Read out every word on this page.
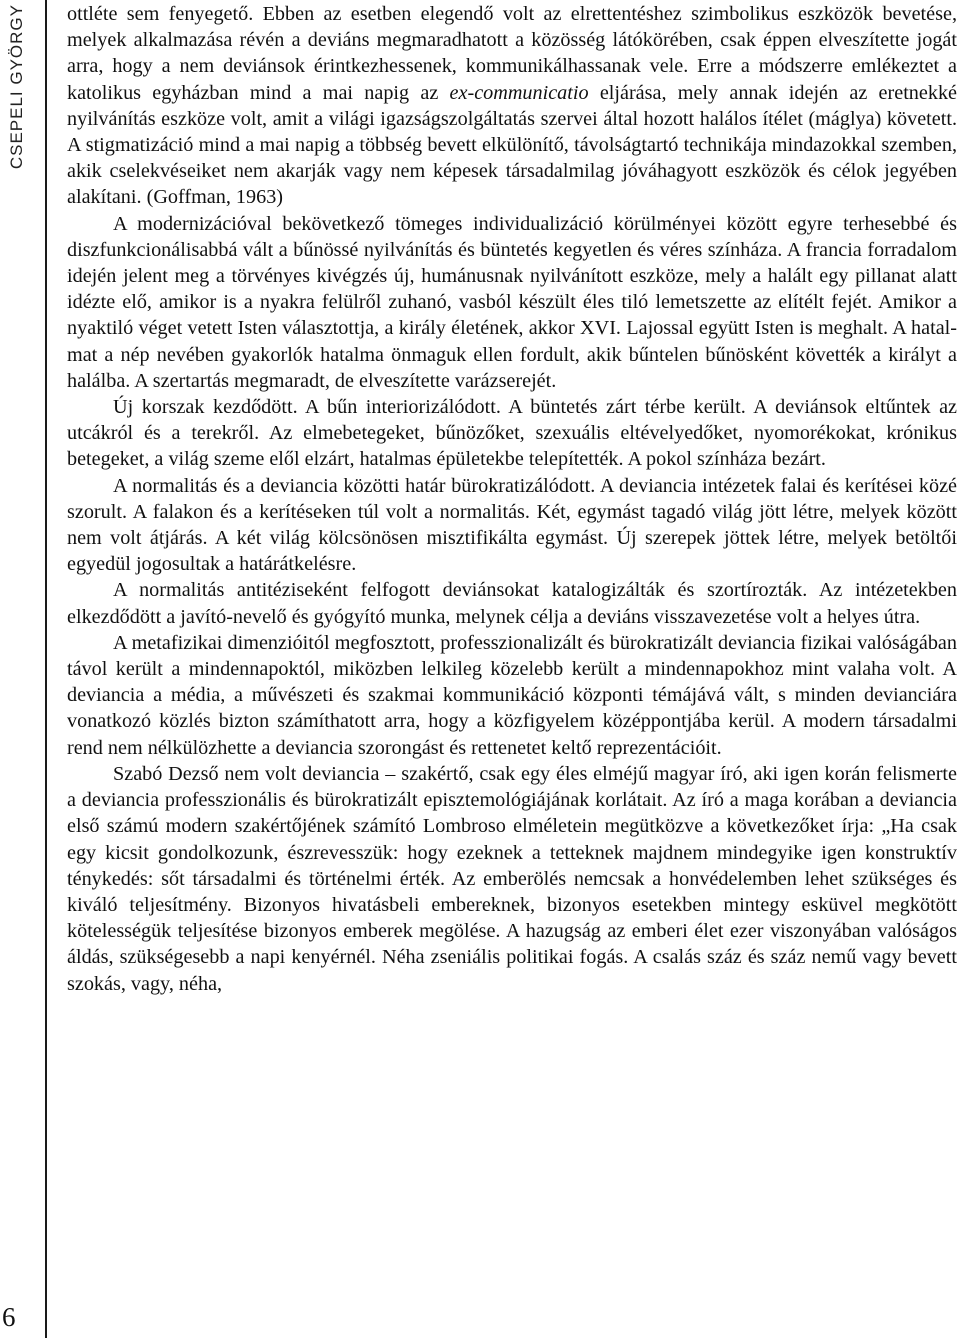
CSEPELI GYÖRGY
6

ottléte sem fenyegető. Ebben az esetben elegendő volt az elrettentéshez szimbolikus eszközök bevetése, melyek alkalmazása révén a deviáns megmaradhatott a közösség látókörében, csak éppen elveszítette jogát arra, hogy a nem deviánsok érintkezhessenek, kommunikálhassanak vele. Erre a módszerre emlékeztet a katolikus egyházban mind a mai napig az ex-communicatio eljárása, mely annak idején az eretnekké nyilvánítás eszköze volt, amit a világi igazságszolgáltatás szervei által hozott halálos ítélet (máglya) követett. A stigmatizáció mind a mai napig a többség bevett elkülönítő, távolságtartó technikája mindazokkal szemben, akik cselekvéseiket nem akarják vagy nem képesek társadalmilag jóváhagyott eszközök és célok jegyében alakítani. (Goffman, 1963)

A modernizációval bekövetkező tömeges individualizáció körülményei között egyre terhesebbé és diszfunkcionálisabbá vált a bűnössé nyilvánítás és büntetés kegyetlen és véres színháza. A francia forradalom idején jelent meg a törvényes kivégzés új, humánusnak nyilvánított eszköze, mely a halált egy pillanat alatt idézte elő, amikor is a nyakra felülről zuhanó, vasból készült éles tiló lemetszette az elítélt fejét. Amikor a nyaktiló véget vetett Isten választottja, a király életének, akkor XVI. Lajossal együtt Isten is meghalt. A hatalmat a nép nevében gyakorlók hatalma önmaguk ellen fordult, akik bűntelen bűnösként követték a királyt a halálba. A szertartás megmaradt, de elveszítette varázserejét.

Új korszak kezdődött. A bűn interiorizálódott. A büntetés zárt térbe került. A deviánsok eltűntek az utcákról és a terekről. Az elmebetegeket, bűnözőket, szexuális eltévelyedőket, nyomorékokat, krónikus betegeket, a világ szeme elől elzárt, hatalmas épületekbe telepítették. A pokol színháza bezárt.

A normalitás és a deviancia közötti határ bürokratizálódott. A deviancia intézetek falai és kerítései közé szorult. A falakon és a kerítéseken túl volt a normalitás. Két, egymást tagadó világ jött létre, melyek között nem volt átjárás. A két világ kölcsönösen misztifikálta egymást. Új szerepek jöttek létre, melyek betöltői egyedül jogosultak a határátkelésre.

A normalitás antitéziseként felfogott deviánsokat katalogizálták és szortírozták. Az intézetekben elkezdődött a javító-nevelő és gyógyító munka, melynek célja a deviáns visszavezetése volt a helyes útra.

A metafizikai dimenzióitól megfosztott, professzionalizált és bürokratizált deviancia fizikai valóságában távol került a mindennapoktól, miközben lelkileg közelebb került a mindennapokhoz mint valaha volt. A deviancia a média, a művészeti és szakmai kommunikáció központi témájává vált, s minden devianciára vonatkozó közlés bizton számíthatott arra, hogy a közfigyelem középpontjába kerül. A modern társadalmi rend nem nélkülözhette a deviancia szorongást és rettenetet keltő reprezentációit.

Szabó Dezső nem volt deviancia – szakértő, csak egy éles elméjű magyar író, aki igen korán felismerte a deviancia professzionális és bürokratizált episztemológiájának korlátait. Az író a maga korában a deviancia első számú modern szakértőjének számító Lombroso elméletein megütközve a következőket írja: „Ha csak egy kicsit gondolkozunk, észrevesszük: hogy ezeknek a tetteknek majdnem mindegyike igen konstruktív ténykedés: sőt társadalmi és történelmi érték. Az emberölés nemcsak a honvédelemben lehet szükséges és kiváló teljesítmény. Bizonyos hivatásbeli embereknek, bizonyos esetekben mintegy esküvel megkötött kötelességük teljesítése bizonyos emberek megölése. A hazugság az emberi élet ezer viszonyában valóságos áldás, szükségesebb a napi kenyérnél. Néha zseniális politikai fogás. A csalás száz és száz nemű vagy bevett szokás, vagy, néha,
